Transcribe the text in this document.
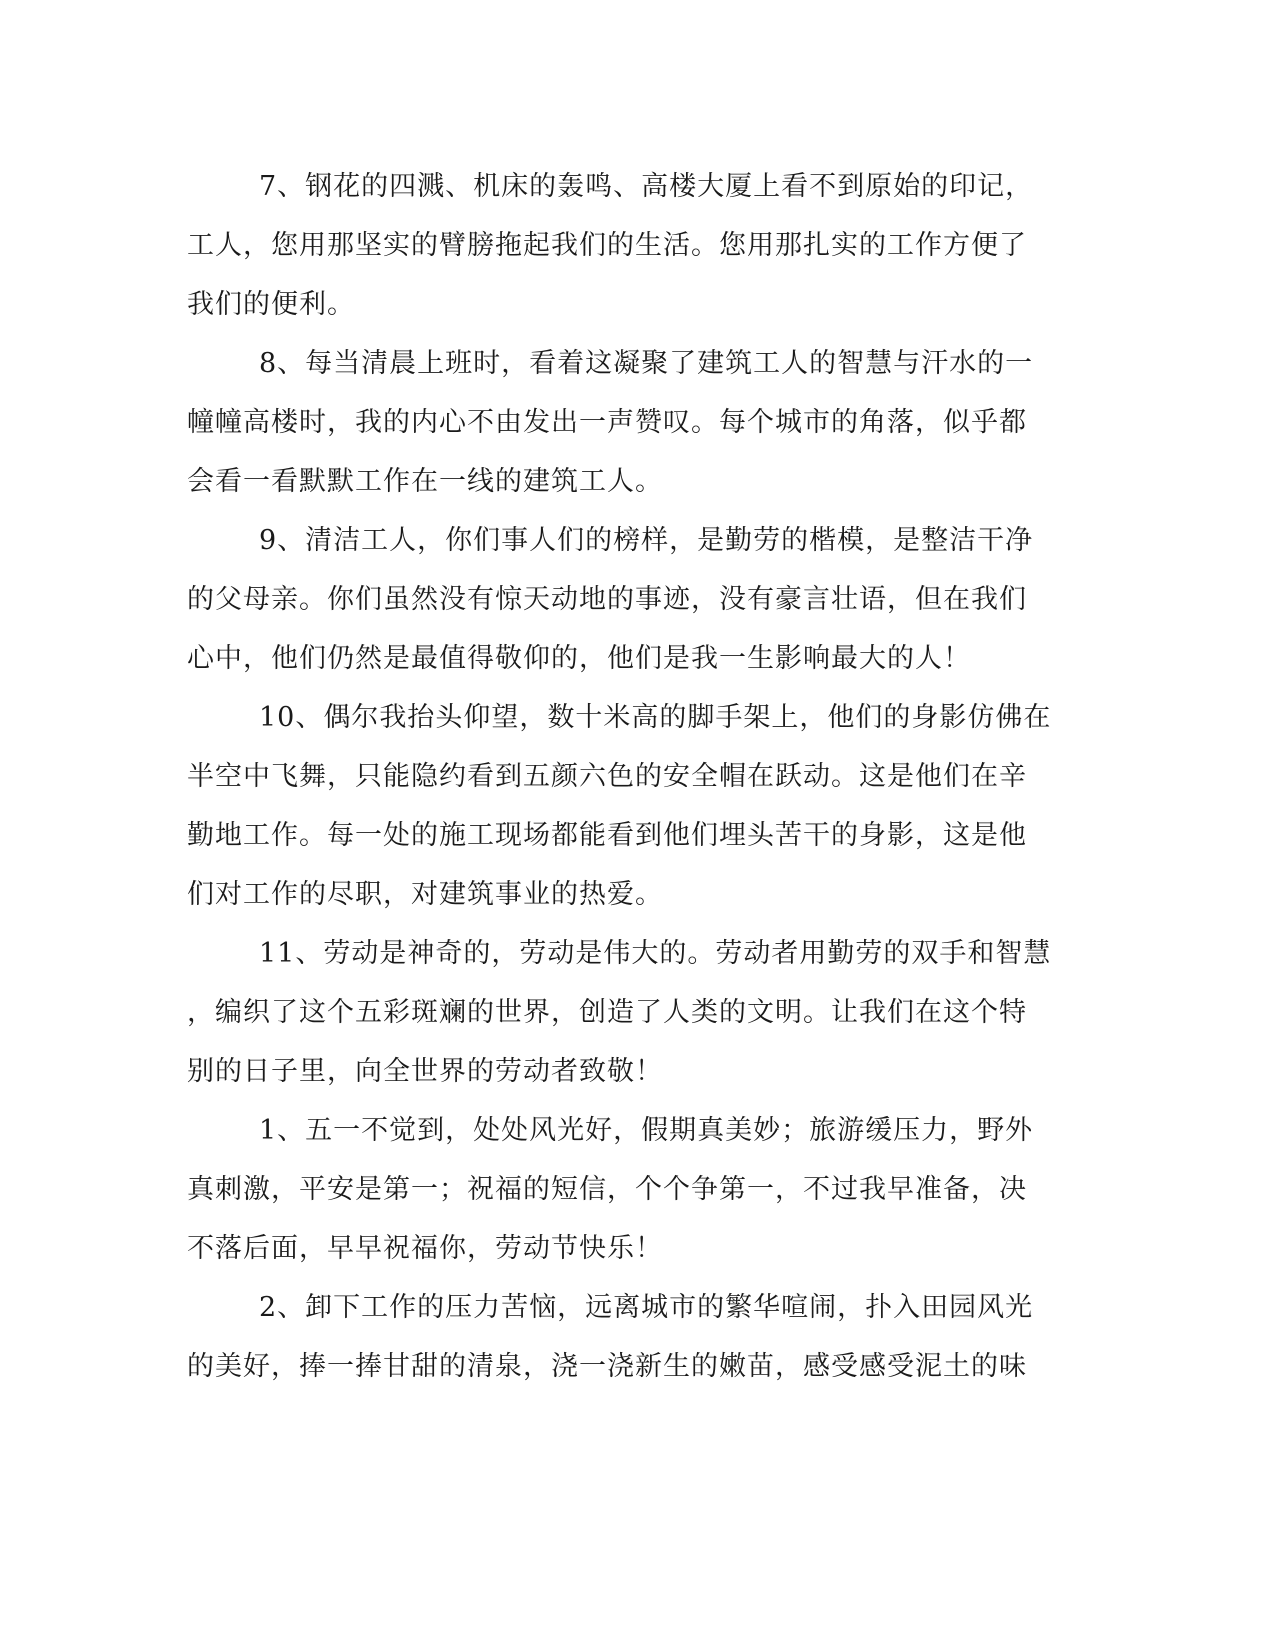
7、钢花的四溅、机床的轰鸣、高楼大厦上看不到原始的印记，
工人，您用那坚实的臂膀拖起我们的生活。您用那扎实的工作方便了
我们的便利。
8、每当清晨上班时，看着这凝聚了建筑工人的智慧与汗水的一
幢幢高楼时，我的内心不由发出一声赞叹。每个城市的角落，似乎都
会看一看默默工作在一线的建筑工人。
9、清洁工人，你们事人们的榜样，是勤劳的楷模，是整洁干净
的父母亲。你们虽然没有惊天动地的事迹，没有豪言壮语，但在我们
心中，他们仍然是最值得敬仰的，他们是我一生影响最大的人！
10、偶尔我抬头仰望，数十米高的脚手架上，他们的身影仿佛在
半空中飞舞，只能隐约看到五颜六色的安全帽在跃动。这是他们在辛
勤地工作。每一处的施工现场都能看到他们埋头苦干的身影，这是他
们对工作的尽职，对建筑事业的热爱。
11、劳动是神奇的，劳动是伟大的。劳动者用勤劳的双手和智慧
，编织了这个五彩斑斓的世界，创造了人类的文明。让我们在这个特
别的日子里，向全世界的劳动者致敬！
1、五一不觉到，处处风光好，假期真美妙；旅游缓压力，野外
真刺激，平安是第一；祝福的短信，个个争第一，不过我早准备，决
不落后面，早早祝福你，劳动节快乐！
2、卸下工作的压力苦恼，远离城市的繁华喧闹，扑入田园风光
的美好，捧一捧甘甜的清泉，浇一浇新生的嫩苗，感受感受泥土的味
